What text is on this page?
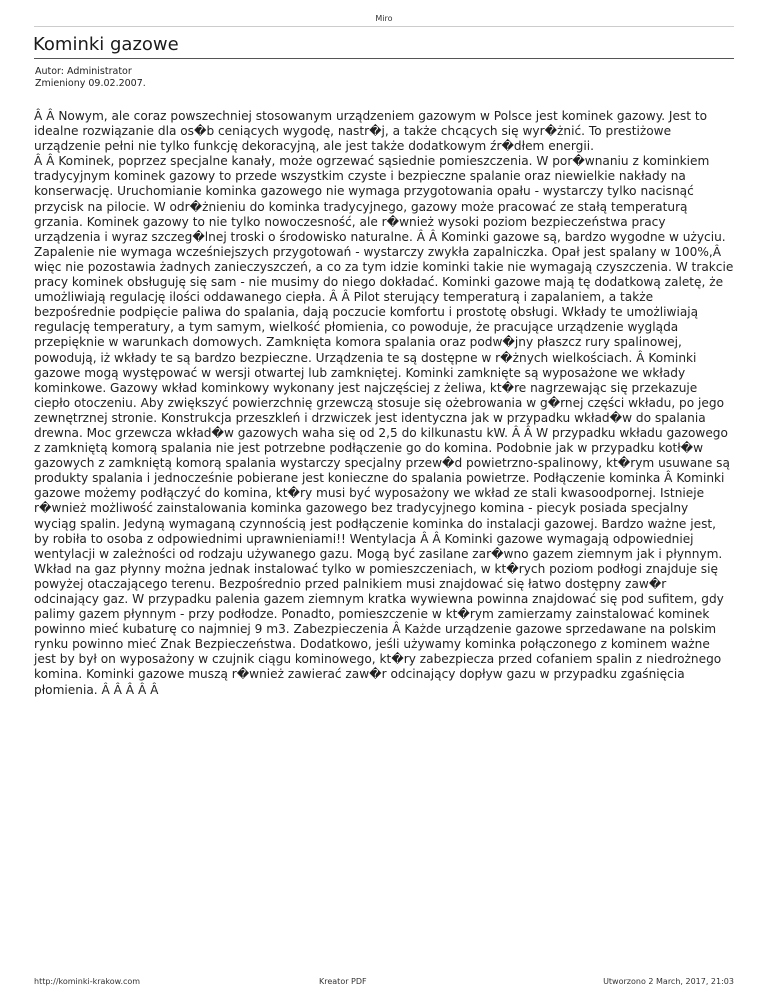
Miro
Kominki gazowe
Autor: Administrator
Zmieniony 09.02.2007.

Â Â Nowym, ale coraz powszechniej stosowanym urządzeniem gazowym w Polsce jest kominek gazowy. Jest to idealne rozwiązanie dla os�b ceniących wygodę, nastr�j, a także chcących się wyr�żnić. To prestiżowe urządzenie pełni nie tylko funkcję dekoracyjną, ale jest także dodatkowym źr�dłem energii.

Â Â Kominek, poprzez specjalne kanały, może ogrzewać sąsiednie pomieszczenia. W por�wnaniu z kominkiem tradycyjnym kominek gazowy to przede wszystkim czyste i bezpieczne spalanie oraz niewielkie nakłady na konserwację. Uruchomianie kominka gazowego nie wymaga przygotowania opału - wystarczy tylko nacisnąć przycisk na pilocie. W odr�żnieniu do kominka tradycyjnego, gazowy może pracować ze stałą temperaturą grzania. Kominek gazowy to nie tylko nowoczesność, ale r�wnież wysoki poziom bezpieczeństwa pracy urządzenia i wyraz szczeg�lnej troski o środowisko naturalne. Â Â Kominki gazowe są, bardzo wygodne w użyciu. Zapalenie nie wymaga wcześniejszych przygotowań - wystarczy zwykła zapalniczka. Opał jest spalany w 100%,Â więc nie pozostawia żadnych zanieczyszczeń, a co za tym idzie kominki takie nie wymagają czyszczenia. W trakcie pracy kominek obsługuję się sam - nie musimy do niego dokładać. Kominki gazowe mają tę dodatkową zaletę, że umożliwiają regulację ilości oddawanego ciepła. Â Â Pilot sterujący temperaturą i zapalaniem, a także bezpośrednie podpięcie paliwa do spalania, dają poczucie komfortu i prostotę obsługi. Wkłady te umożliwiają regulację temperatury, a tym samym, wielkość płomienia, co powoduje, że pracujące urządzenie wygląda przepięknie w warunkach domowych. Zamknięta komora spalania oraz podw�jny płaszcz rury spalinowej, powodują, iż wkłady te są bardzo bezpieczne. Urządzenia te są dostępne w r�żnych wielkościach. Â Kominki gazowe mogą występować w wersji otwartej lub zamkniętej. Kominki zamknięte są wyposażone we wkłady kominkowe. Gazowy wkład kominkowy wykonany jest najczęściej z żeliwa, kt�re nagrzewając się przekazuje ciepło otoczeniu. Aby zwiększyć powierzchnię grzewczą stosuje się ożebrowania w g�rnej części wkładu, po jego zewnętrznej stronie. Konstrukcja przeszkleń i drzwiczek jest identyczna jak w przypadku wkład�w do spalania drewna. Moc grzewcza wkład�w gazowych waha się od 2,5 do kilkunastu kW. Â Â W przypadku wkładu gazowego z zamkniętą komorą spalania nie jest potrzebne podłączenie go do komina. Podobnie jak w przypadku kotł�w gazowych z zamkniętą komorą spalania wystarczy specjalny przew�d powietrzno-spalinowy, kt�rym usuwane są produkty spalania i jednocześnie pobierane jest konieczne do spalania powietrze. Podłączenie kominka Â Kominki gazowe możemy podłączyć do komina, kt�ry musi być wyposażony we wkład ze stali kwasoodpornej. Istnieje r�wnież możliwość zainstalowania kominka gazowego bez tradycyjnego komina - piecyk posiada specjalny wyciąg spalin. Jedyną wymaganą czynnością jest podłączenie kominka do instalacji gazowej. Bardzo ważne jest, by robiła to osoba z odpowiednimi uprawnieniami!! Wentylacja Â Â Kominki gazowe wymagają odpowiedniej wentylacji w zależności od rodzaju używanego gazu. Mogą być zasilane zar�wno gazem ziemnym jak i płynnym. Wkład na gaz płynny można jednak instalować tylko w pomieszczeniach, w kt�rych poziom podłogi znajduje się powyżej otaczającego terenu. Bezpośrednio przed palnikiem musi znajdować się łatwo dostępny zaw�r odcinający gaz. W przypadku palenia gazem ziemnym kratka wywiewna powinna znajdować się pod sufitem, gdy palimy gazem płynnym - przy podłodze. Ponadto, pomieszczenie w kt�rym zamierzamy zainstalować kominek powinno mieć kubaturę co najmniej 9 m3. Zabezpieczenia Â Każde urządzenie gazowe sprzedawane na polskim rynku powinno mieć Znak Bezpieczeństwa. Dodatkowo, jeśli używamy kominka połączonego z kominem ważne jest by był on wyposażony w czujnik ciągu kominowego, kt�ry zabezpiecza przed cofaniem spalin z niedrożnego komina. Kominki gazowe muszą r�wnież zawierać zaw�r odcinający dopływ gazu w przypadku zgaśnięcia płomienia. Â Â Â Â Â

http://kominki-krakow.com	Kreator PDF	Utworzono 2 March, 2017, 21:03
